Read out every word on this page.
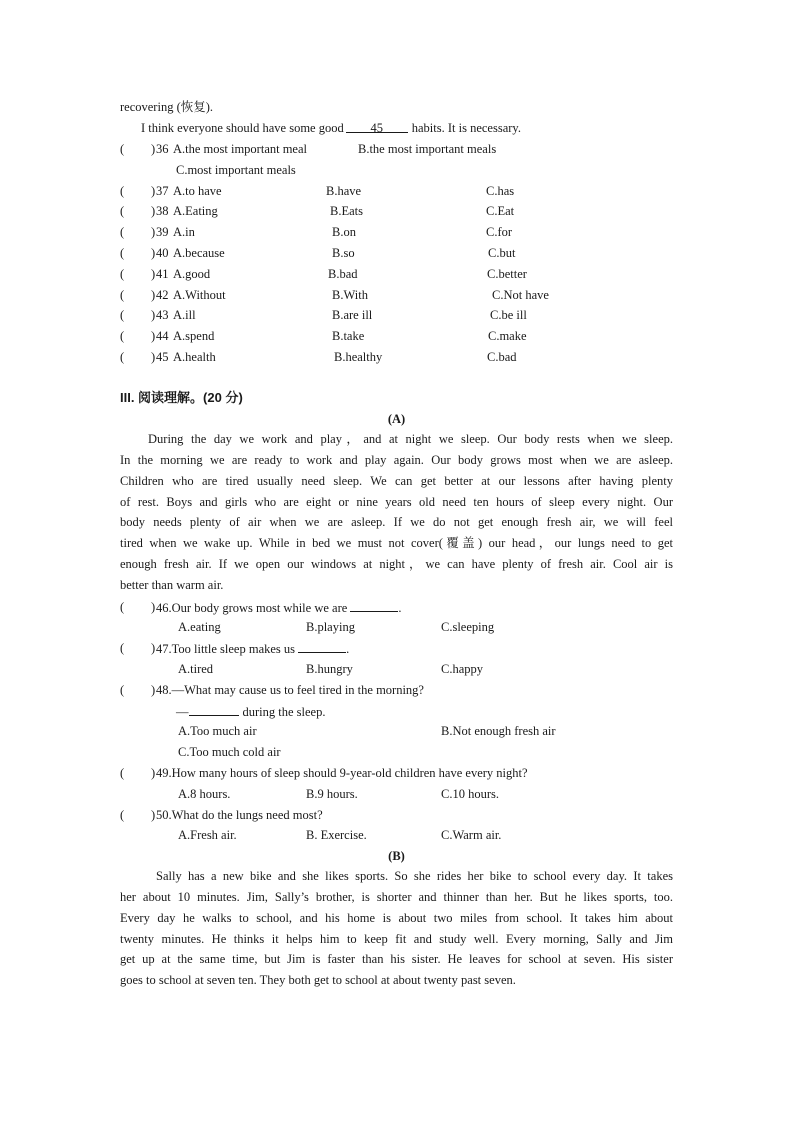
recovering (恢复).
I think everyone should have some good 45 habits. It is necessary.
( ) 36 A.the most important meal	B.the most important meals
C.most important meals
( ) 37 A.to have	B.have	C.has
( ) 38 A.Eating	B.Eats	C.Eat
( ) 39 A.in	B.on	C.for
( ) 40 A.because	B.so	C.but
( ) 41 A.good	B.bad	C.better
( ) 42 A.Without	B.With	C.Not have
( ) 43 A.ill	B.are ill	C.be ill
( ) 44 A.spend	B.take	C.make
( ) 45 A.health	B.healthy	C.bad
III. 阅读理解。(20 分)
(A)
During the day we work and play，and at night we sleep. Our body rests when we sleep.
In the morning we are ready to work and play again. Our body grows most when we are asleep.
Children who are tired usually need sleep. We can get better at our lessons after having plenty
of rest. Boys and girls who are eight or nine years old need ten hours of sleep every night. Our
body needs plenty of air when we are asleep. If we do not get enough fresh air, we will feel
tired when we wake up. While in bed we must not cover(覆盖) our head，our lungs need to get
enough fresh air. If we open our windows at night，we can have plenty of fresh air. Cool air is
better than warm air.
( ) 46.Our body grows most while we are	.
A.eating	B.playing	C.sleeping
( ) 47.Too little sleep makes us	.
A.tired	B.hungry	C.happy
( ) 48.—What may cause us to feel tired in the morning?
—	during the sleep.
A.Too much air	B.Not enough fresh air
C.Too much cold air
( ) 49.How many hours of sleep should 9-year-old children have every night?
A.8 hours.	B.9 hours.	C.10 hours.
( ) 50.What do the lungs need most?
A.Fresh air.	B. Exercise.	C.Warm air.
(B)
Sally has a new bike and she likes sports. So she rides her bike to school every day. It takes
her about 10 minutes. Jim, Sally’s brother, is shorter and thinner than her. But he likes sports, too.
Every day he walks to school, and his home is about two miles from school. It takes him about
twenty minutes. He thinks it helps him to keep fit and study well. Every morning, Sally and Jim
get up at the same time, but Jim is faster than his sister. He leaves for school at seven. His sister
goes to school at seven ten. They both get to school at about twenty past seven.
